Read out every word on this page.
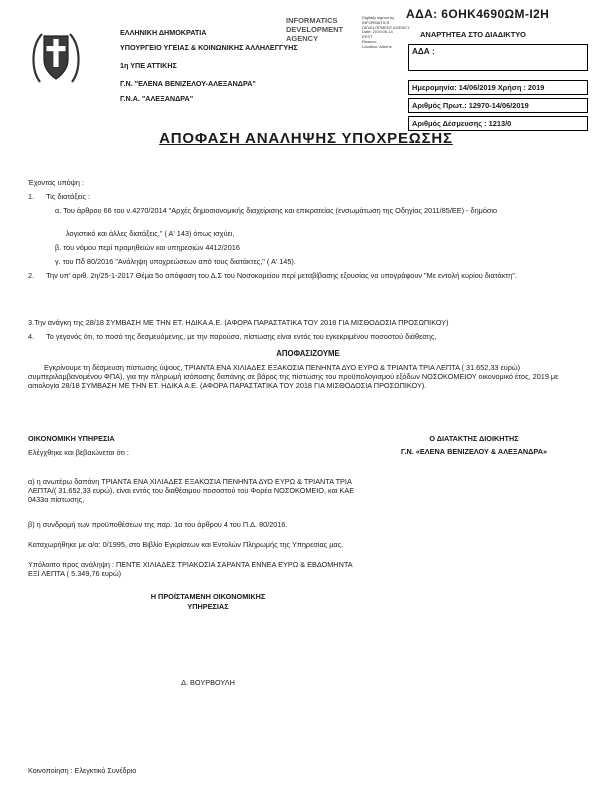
ΑΔΑ: 6ΟΗΚ4690ΩΜ-Ι2Η
ΕΛΛΗΝΙΚΗ ΔΗΜΟΚΡΑΤΙΑ
ΥΠΟΥΡΓΕΙΟ ΥΓΕΙΑΣ & ΚΟΙΝΩΝΙΚΗΣ ΑΛΛΗΛΕΓΓΥΗΣ
1η ΥΠΕ ΑΤΤΙΚΗΣ
Γ.Ν. "ΕΛΕΝΑ ΒΕΝΙΖΕΛΟΥ-ΑΛΕΞΑΝΔΡΑ"
Γ.Ν.Α. "ΑΛΕΞΑΝΔΡΑ"
INFORMATICS
DEVELOPMENT AGENCY
Digitally signed by
INFORMATICS
DEVELOPMENT AGENCY
Date: 2019.06.14
EEST
Reason:
Location: Athens
ΑΝΑΡΤΗΤΕΑ ΣΤΟ ΔΙΑΔΙΚΤΥΟ
ΑΔΑ :
Ημερομηνία: 14/06/2019 Χρήση : 2019
Αριθμός Πρωτ.: 12970-14/06/2019
Αριθμός Δέσμευσης : 1213/0
ΑΠΟΦΑΣΗ ΑΝΑΛΗΨΗΣ ΥΠΟΧΡΕΩΣΗΣ
Έχοντας υπόψη :
1.      Τις διατάξεις :
α. Του άρθρου 66 του ν.4270/2014 "Αρχές δημοσιονομικής διαχείρισης και επικρατείας (ενσωμάτωση της Οδηγίας 2011/85/ΕΕ) - δημόσιο
λογιστικό και άλλες διατάξεις," ( Α' 143) όπως ισχύει,
β. του νόμου περί προμηθειών και υπηρεσιών 4412/2016
γ. του Πδ 80/2016 "Ανάληψη υποχρεώσεων από τους διατάκτες," ( Α' 145).
2.      Την υπ' αριθ. 2η/25-1-2017 Θέμα 5ο απόφαση του Δ.Σ του Νοσοκομείου περί μεταβίβασης εξουσίας να υπογράφουν "Με εντολή κυρίου διατάκτη".
3.Την ανάγκη της 28/18 ΣΥΜΒΑΣΗ ΜΕ ΤΗΝ ΕΤ. ΗΔΙΚΑ Α.Ε. (ΑΦΟΡΑ ΠΑΡΑΣΤΑΤΙΚΑ ΤΟΥ 2018 ΓΙΑ ΜΙΣΘΟΔΟΣΙΑ ΠΡΟΣΩΠΙΚΟΥ)
4.      Το γεγονός ότι, το ποσό της δεσμευόμενης, με την παρούσα, πίστωσης είναι εντός του εγκεκριμένου ποσοστού διάθεσης,
ΑΠΟΦΑΣΙΖΟΥΜΕ
Εγκρίνουμε τη δέσμευση πίστωσης ύψους, ΤΡΙΑΝΤΑ ΕΝΑ ΧΙΛΙΑΔΕΣ ΕΞΑΚΟΣΙΑ ΠΕΝΗΝΤΑ ΔΥΟ ΕΥΡΩ & ΤΡΙΑΝΤΑ ΤΡΙΑ ΛΕΠΤΑ ( 31.652,33 ευρώ) συμπεριλαμβανομένου ΦΠΑ), για την πληρωμή ισόποσης δαπάνης σε βάρος της πίστωσης του προϋπολογισμού εξόδων ΝΟΣΟΚΟΜΕΙΟΥ οικονομικό έτος, 2019 με αιτιολογία 28/18 ΣΥΜΒΑΣΗ ΜΕ ΤΗΝ ΕΤ. ΗΔΙΚΑ Α.Ε. (ΑΦΟΡΑ ΠΑΡΑΣΤΑΤΙΚΑ ΤΟΥ 2018 ΓΙΑ ΜΙΣΘΟΔΟΣΙΑ ΠΡΟΣΩΠΙΚΟΥ).
ΟΙΚΟΝΟΜΙΚΗ ΥΠΗΡΕΣΙΑ
Ελέγχθηκε και βεβαιώνεται ότι :
α) η ανωτέρω δαπάνη ΤΡΙΑΝΤΑ ΕΝΑ ΧΙΛΙΑΔΕΣ ΕΞΑΚΟΣΙΑ ΠΕΝΗΝΤΑ ΔΥΟ ΕΥΡΩ & ΤΡΙΑΝΤΑ ΤΡΙΑ ΛΕΠΤΑ/( 31.652,33 ευρώ), είναι εντός του διαθέσιμου ποσοστού του Φορέα ΝΟΣΟΚΟΜΕΙΟ, και ΚΑΕ 0433α πίστωσης,
β) η συνδρομή των προϋποθέσεων της παρ. 1α του άρθρου 4 του Π.Δ. 80/2016.
Καταχωρήθηκε με α/α: 0/1995, στο Βιβλίο Εγκρίσεων και Εντολών Πληρωμής της Υπηρεσίας μας.
Υπόλοιπο προς ανάληψη : ΠΕΝΤΕ ΧΙΛΙΑΔΕΣ ΤΡΙΑΚΟΣΙΑ ΣΑΡΑΝΤΑ ΕΝΝΕΑ ΕΥΡΩ & ΕΒΔΟΜΗΝΤΑ ΕΞΙ ΛΕΠΤΑ ( 5.349,76 ευρώ)
Η ΠΡΟΪΣΤΑΜΕΝΗ ΟΙΚΟΝΟΜΙΚΗΣ
ΥΠΗΡΕΣΙΑΣ
Δ. ΒΟΥΡΒΟΥΛΗ
Ο ΔΙΑΤΑΚΤΗΣ ΔΙΟΙΚΗΤΗΣ
Γ.Ν. «ΕΛΕΝΑ ΒΕΝΙΖΕΛΟΥ & ΑΛΕΞΑΝΔΡΑ»
Κοινοποίηση : Ελεγκτικό Συνέδριο
